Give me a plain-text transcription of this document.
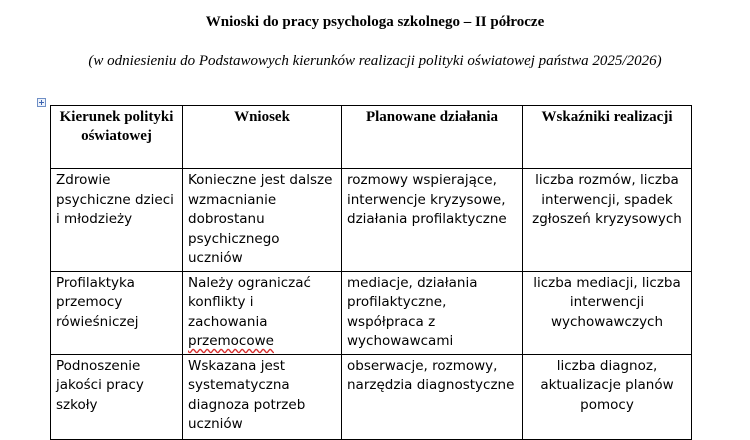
Wnioski do pracy psychologa szkolnego – II półrocze
(w odniesieniu do Podstawowych kierunków realizacji polityki oświatowej państwa 2025/2026)
Kierunek polityki oświatowej	Wniosek	Planowane działania	Wskaźniki realizacji
Zdrowie psychiczne dzieci i młodzieży	Konieczne jest dalsze wzmacnianie dobrostanu psychicznego uczniów	rozmowy wspierające, interwencje kryzysowe, działania profilaktyczne	liczba rozmów, liczba interwencji, spadek zgłoszeń kryzysowych
Profilaktyka przemocy rówieśniczej	Należy ograniczać konflikty i zachowania przemocowe	mediacje, działania profilaktyczne, współpraca z wychowawcami	liczba mediacji, liczba interwencji wychowawczych
Podnoszenie jakości pracy szkoły	Wskazana jest systematyczna diagnoza potrzeb uczniów	obserwacje, rozmowy, narzędzia diagnostyczne	liczba diagnoz, aktualizacje planów pomocy
